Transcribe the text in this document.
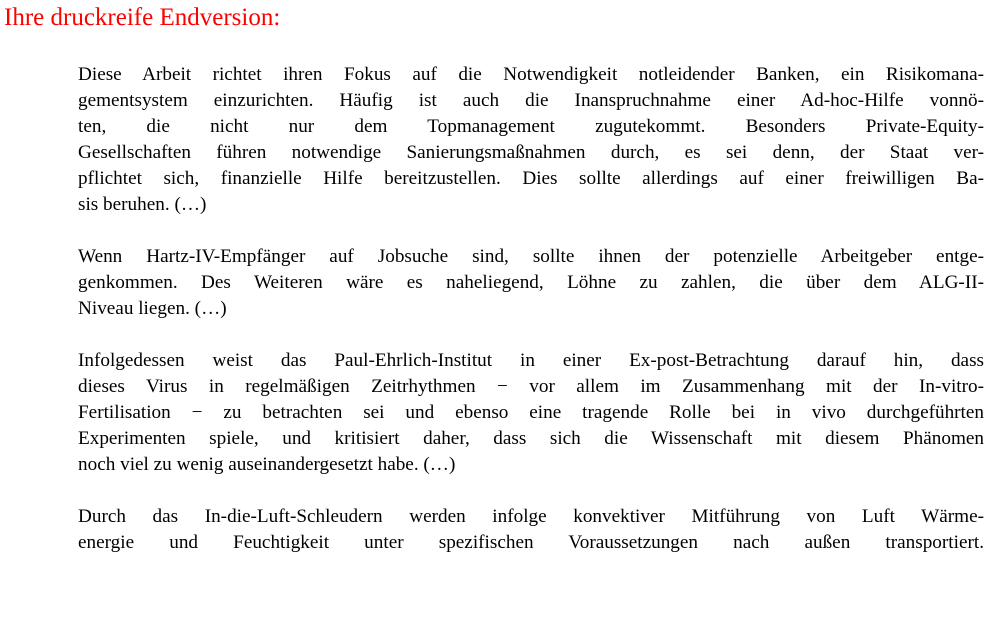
Ihre druckreife Endversion:

Diese Arbeit richtet ihren Fokus auf die Notwendigkeit notleidender Banken, ein Risikomana-
gementsystem einzurichten. Häufig ist auch die Inanspruchnahme einer Ad-hoc-Hilfe vonnö-
ten, die nicht nur dem Topmanagement zugutekommt. Besonders Private-Equity-
Gesellschaften führen notwendige Sanierungsmaßnahmen durch, es sei denn, der Staat ver-
pflichtet sich, finanzielle Hilfe bereitzustellen. Dies sollte allerdings auf einer freiwilligen Ba-
sis beruhen. (…)

Wenn Hartz-IV-Empfänger auf Jobsuche sind, sollte ihnen der potenzielle Arbeitgeber entge-
genkommen. Des Weiteren wäre es naheliegend, Löhne zu zahlen, die über dem ALG-II-
Niveau liegen. (…)

Infolgedessen weist das Paul-Ehrlich-Institut in einer Ex-post-Betrachtung darauf hin, dass
dieses Virus in regelmäßigen Zeitrhythmen − vor allem im Zusammenhang mit der In-vitro-
Fertilisation − zu betrachten sei und ebenso eine tragende Rolle bei in vivo durchgeführten
Experimenten spiele, und kritisiert daher, dass sich die Wissenschaft mit diesem Phänomen
noch viel zu wenig auseinandergesetzt habe. (…)

Durch das In-die-Luft-Schleudern werden infolge konvektiver Mitführung von Luft Wärme-
energie und Feuchtigkeit unter spezifischen Voraussetzungen nach außen transportiert.
